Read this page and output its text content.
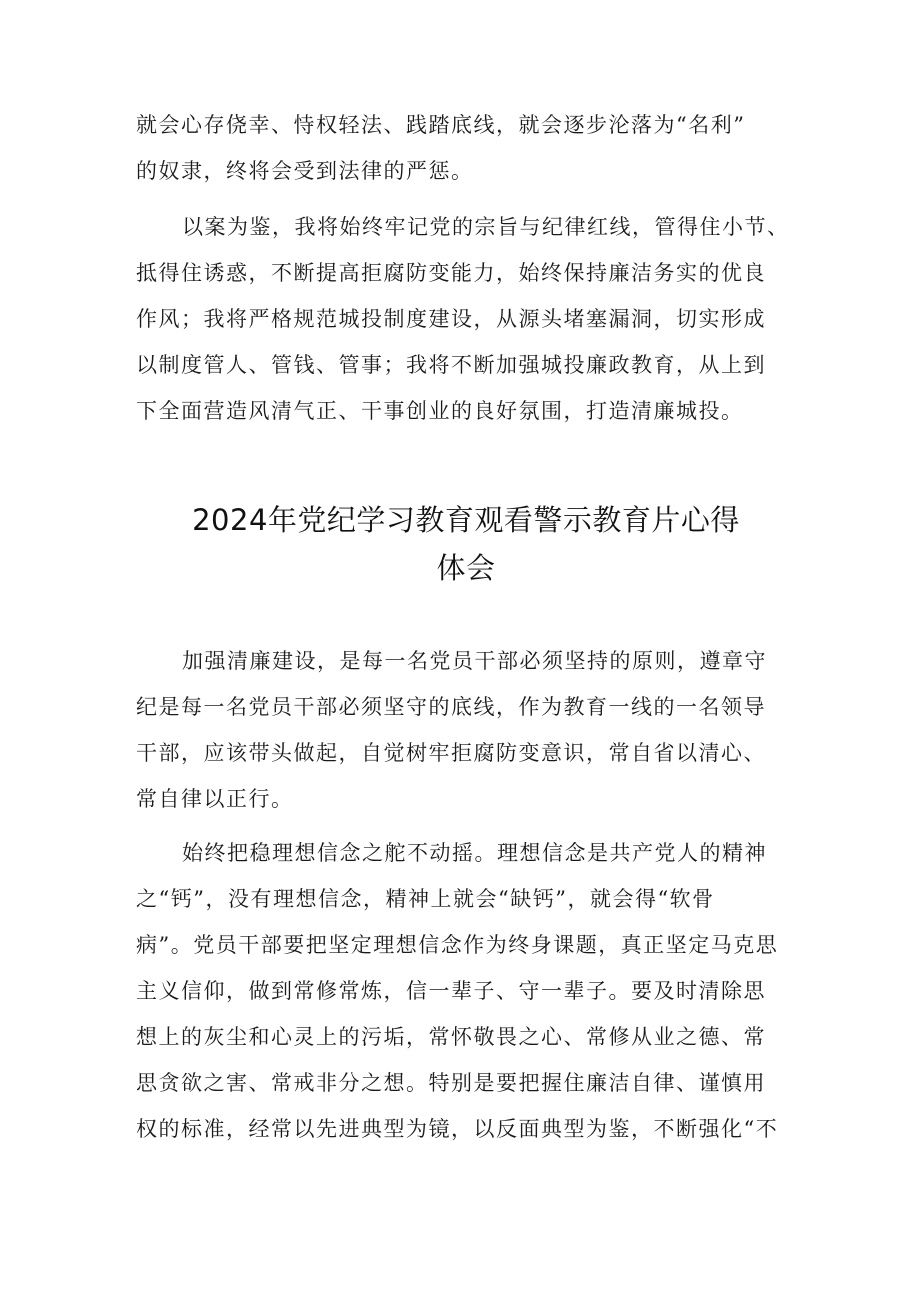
就会心存侥幸、恃权轻法、践踏底线，就会逐步沦落为“名利”
的奴隶，终将会受到法律的严惩。
以案为鉴，我将始终牢记党的宗旨与纪律红线，管得住小节、
抵得住诱惑，不断提高拒腐防变能力，始终保持廉洁务实的优良
作风；我将严格规范城投制度建设，从源头堵塞漏洞，切实形成
以制度管人、管钱、管事；我将不断加强城投廉政教育，从上到
下全面营造风清气正、干事创业的良好氛围，打造清廉城投。
2024年党纪学习教育观看警示教育片心得
体会
加强清廉建设，是每一名党员干部必须坚持的原则，遵章守
纪是每一名党员干部必须坚守的底线，作为教育一线的一名领导
干部，应该带头做起，自觉树牢拒腐防变意识，常自省以清心、
常自律以正行。
始终把稳理想信念之舵不动摇。理想信念是共产党人的精神
之“钙”，没有理想信念，精神上就会“缺钙”，就会得“软骨
病”。党员干部要把坚定理想信念作为终身课题，真正坚定马克思
主义信仰，做到常修常炼，信一辈子、守一辈子。要及时清除思
想上的灰尘和心灵上的污垢，常怀敬畏之心、常修从业之德、常
思贪欲之害、常戒非分之想。特别是要把握住廉洁自律、谨慎用
权的标准，经常以先进典型为镜，以反面典型为鉴，不断强化“不
